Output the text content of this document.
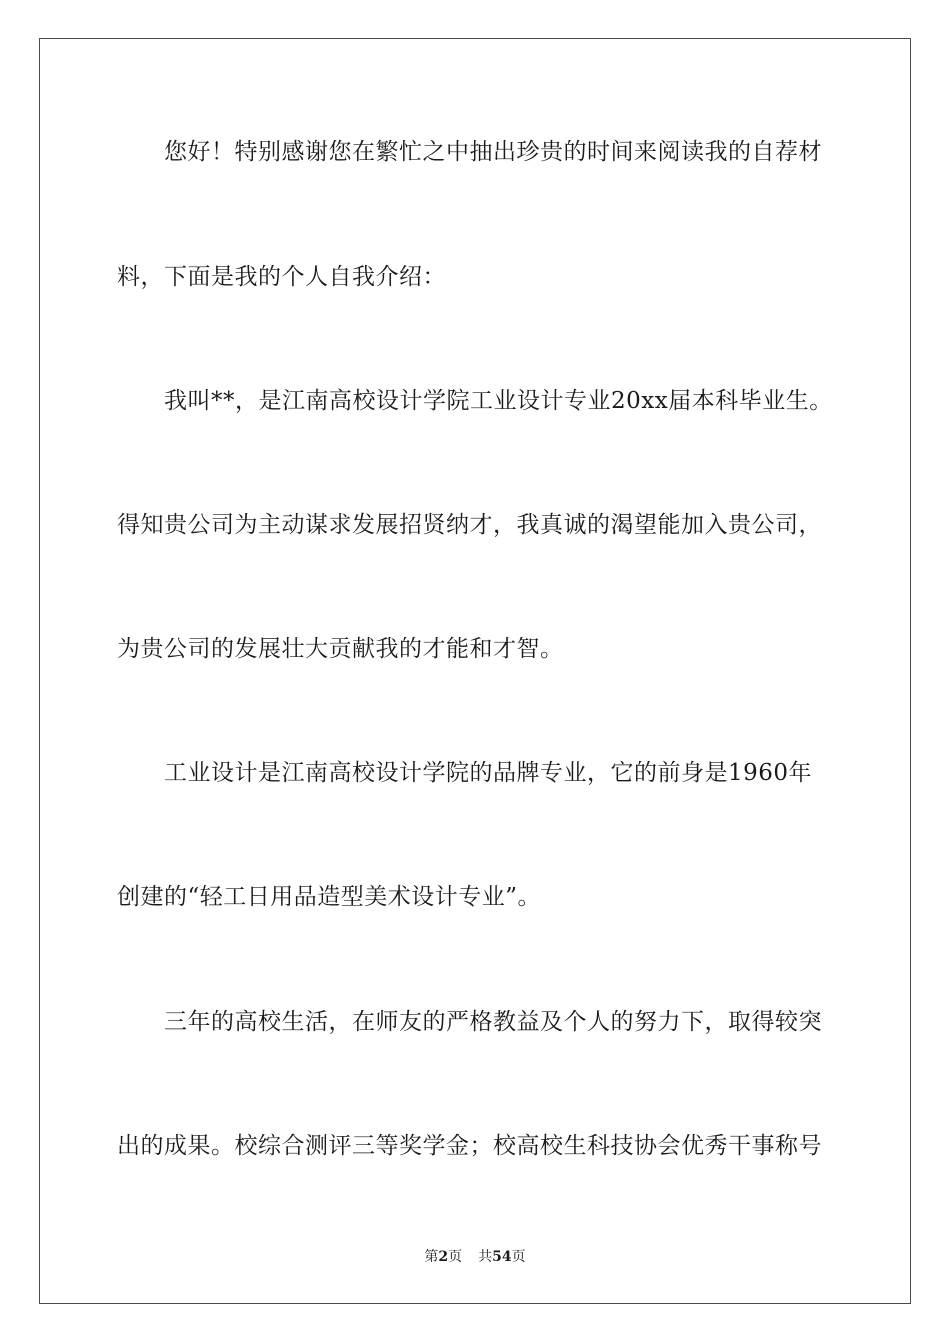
您好！特别感谢您在繁忙之中抽出珍贵的时间来阅读我的自荐材
料，下面是我的个人自我介绍：
我叫**，是江南高校设计学院工业设计专业20xx届本科毕业生。
得知贵公司为主动谋求发展招贤纳才，我真诚的渴望能加入贵公司，
为贵公司的发展壮大贡献我的才能和才智。
工业设计是江南高校设计学院的品牌专业，它的前身是1960年
创建的“轻工日用品造型美术设计专业”。
三年的高校生活，在师友的严格教益及个人的努力下，取得较突
出的成果。校综合测评三等奖学金；校高校生科技协会优秀干事称号
第2页 共54页
